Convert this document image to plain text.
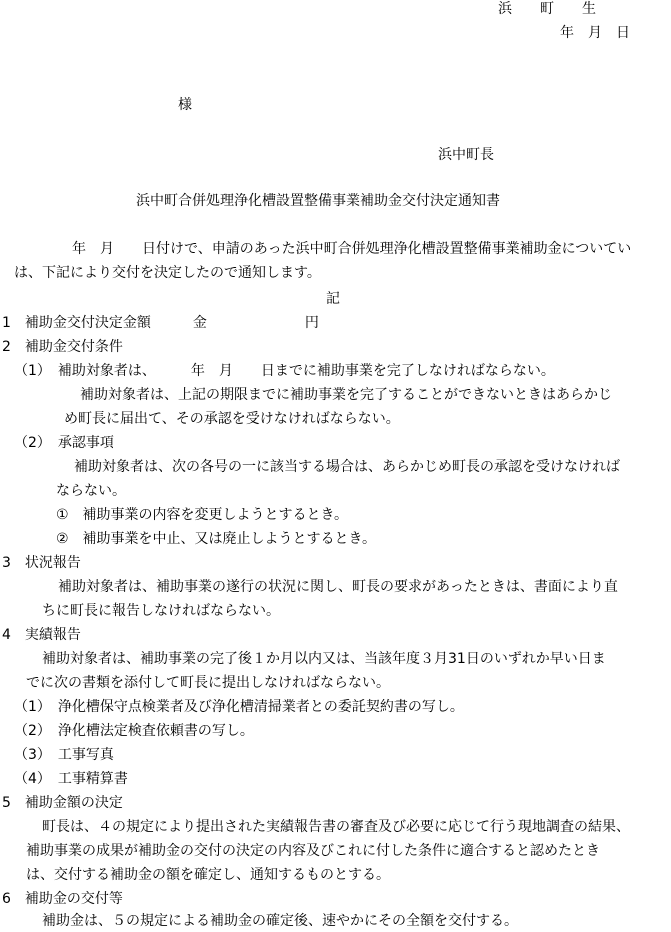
浜　　町　　生

年　月　日

様

浜中町長

浜中町合併処理浄化槽設置整備事業補助金交付決定通知書

年　月　　日付けで、申請のあった浜中町合併処理浄化槽設置整備事業補助金についてい

は、下記により交付を決定したので通知します。

記

1　補助金交付決定金額　　　金　　　　　　　円

2　補助金交付条件

（1）　補助対象者は、　　　年　月　　日までに補助事業を完了しなければならない。

補助対象者は、上記の期限までに補助事業を完了することができないときはあらかじ

め町長に届出て、その承認を受けなければならない。

（2）　承認事項

補助対象者は、次の各号の一に該当する場合は、あらかじめ町長の承認を受けなければ

ならない。

①　補助事業の内容を変更しようとするとき。

②　補助事業を中止、又は廃止しようとするとき。

3　状況報告

補助対象者は、補助事業の遂行の状況に関し、町長の要求があったときは、書面により直

ちに町長に報告しなければならない。

4　実績報告

補助対象者は、補助事業の完了後１か月以内又は、当該年度３月31日のいずれか早い日ま

でに次の書類を添付して町長に提出しなければならない。

（1）　浄化槽保守点検業者及び浄化槽清掃業者との委託契約書の写し。

（2）　浄化槽法定検査依頼書の写し。

（3）　工事写真

（4）　工事精算書

5　補助金額の決定

町長は、４の規定により提出された実績報告書の審査及び必要に応じて行う現地調査の結果、

補助事業の成果が補助金の交付の決定の内容及びこれに付した条件に適合すると認めたとき

は、交付する補助金の額を確定し、通知するものとする。

6　補助金の交付等

補助金は、５の規定による補助金の確定後、速やかにその全額を交付する。
